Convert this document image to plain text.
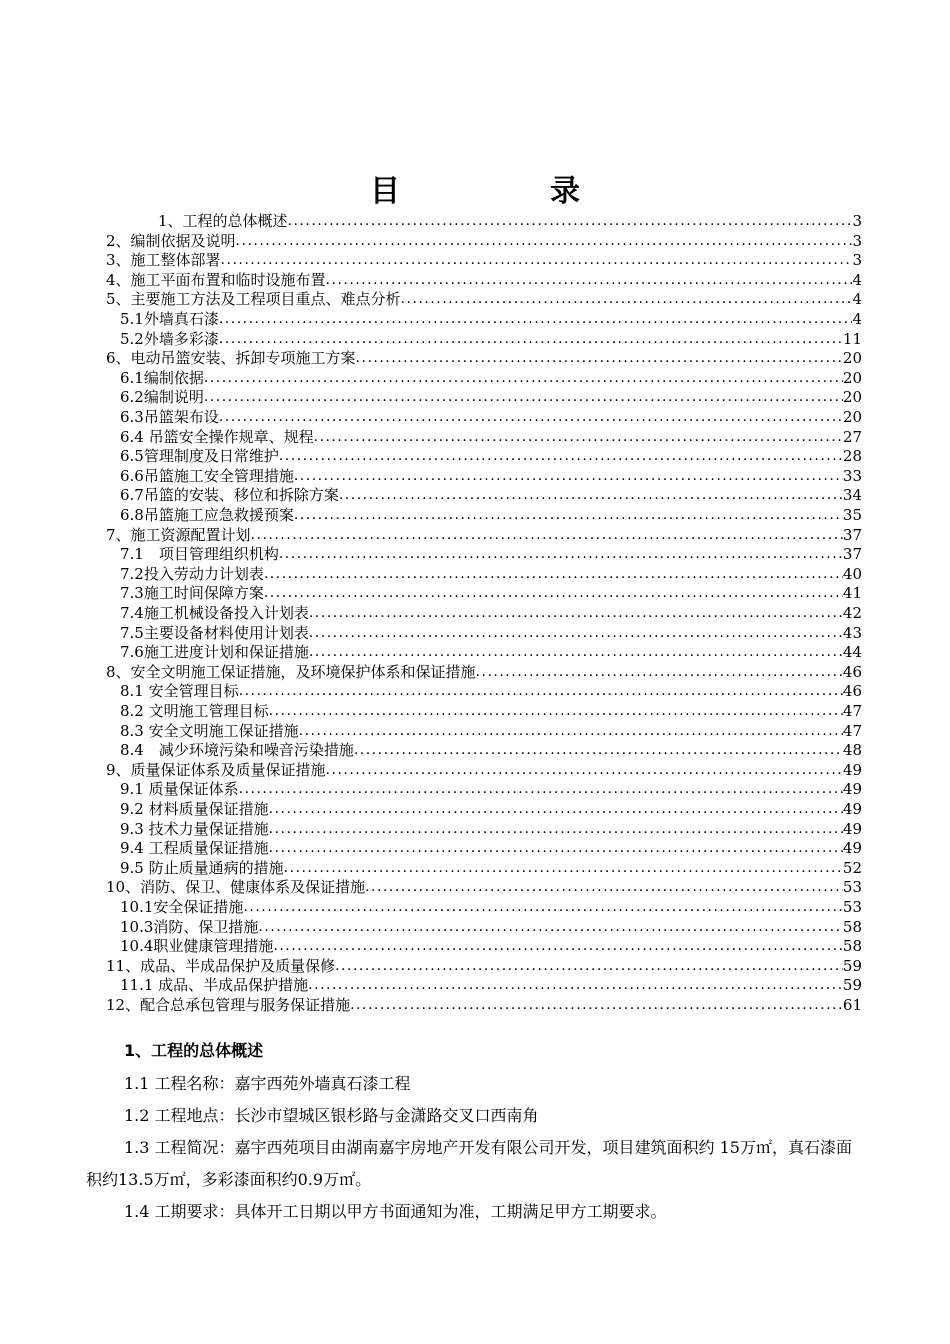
目　录
1、工程的总体概述 .....	3
2、编制依据及说明 .....	3
3、施工整体部署 .....	3
4、施工平面布置和临时设施布置 .....	4
5、主要施工方法及工程项目重点、难点分析 .....	4
5.1外墙真石漆 .....	4
5.2外墙多彩漆 .....	11
6、电动吊篮安装、拆卸专项施工方案 .....	20
6.1编制依据 .....	20
6.2编制说明 .....	20
6.3吊篮架布设 .....	20
6.4 吊篮安全操作规章、规程 .....	27
6.5管理制度及日常维护 .....	28
6.6吊篮施工安全管理措施 .....	33
6.7吊篮的安装、移位和拆除方案 .....	34
6.8吊篮施工应急救援预案 .....	35
7、施工资源配置计划 .....	37
7.1　项目管理组织机构 .....	37
7.2投入劳动力计划表 .....	40
7.3施工时间保障方案 .....	41
7.4施工机械设备投入计划表 .....	42
7.5主要设备材料使用计划表 .....	43
7.6施工进度计划和保证措施 .....	44
8、安全文明施工保证措施，及环境保护体系和保证措施 .....	46
8.1 安全管理目标 .....	46
8.2 文明施工管理目标 .....	47
8.3 安全文明施工保证措施 .....	47
8.4　减少环境污染和噪音污染措施 .....	48
9、质量保证体系及质量保证措施 .....	49
9.1 质量保证体系 .....	49
9.2 材料质量保证措施 .....	49
9.3 技术力量保证措施 .....	49
9.4 工程质量保证措施 .....	49
9.5 防止质量通病的措施 .....	52
10、消防、保卫、健康体系及保证措施 .....	53
10.1安全保证措施 .....	53
10.3消防、保卫措施 .....	58
10.4职业健康管理措施 .....	58
11、成品、半成品保护及质量保修 .....	59
11.1 成品、半成品保护措施 .....	59
12、配合总承包管理与服务保证措施 .....	61
1、工程的总体概述
1.1 工程名称：嘉宇西苑外墙真石漆工程
1.2 工程地点：长沙市望城区银杉路与金潇路交叉口西南角
1.3 工程简况：嘉宇西苑项目由湖南嘉宇房地产开发有限公司开发，项目建筑面积约 15万㎡，真石漆面积约13.5万㎡，多彩漆面积约0.9万㎡。
1.4 工期要求：具体开工日期以甲方书面通知为准，工期满足甲方工期要求。
